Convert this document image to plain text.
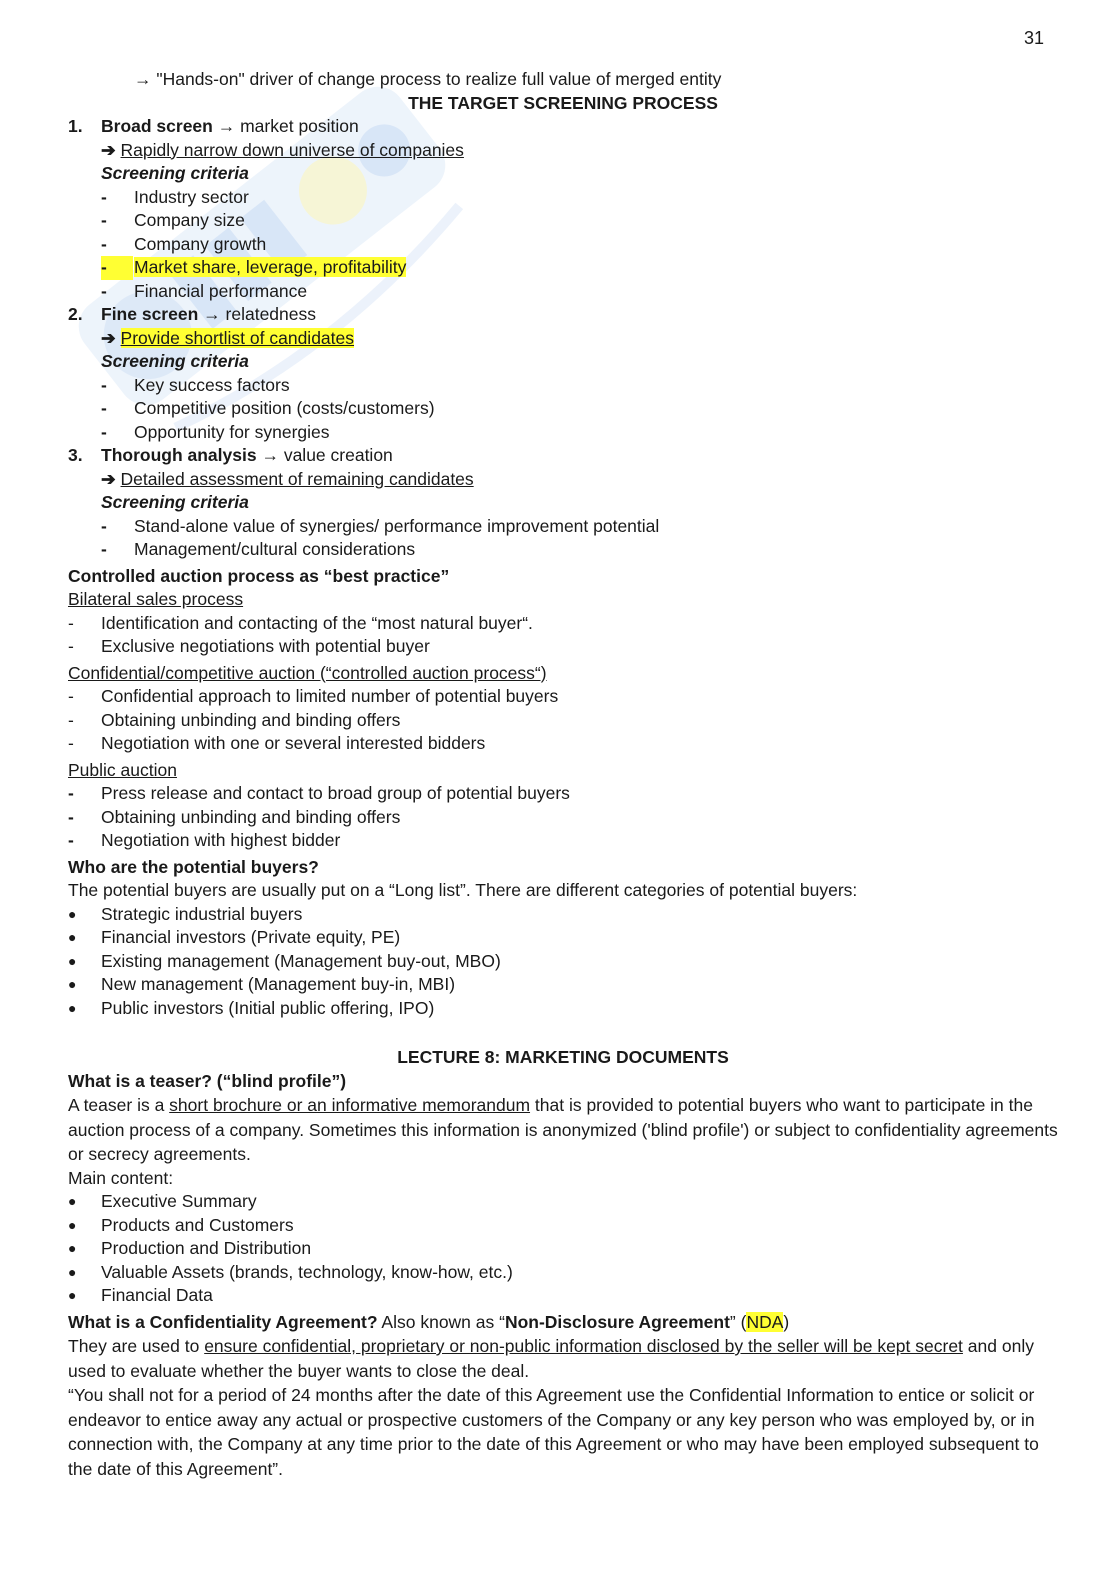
31
→ "Hands-on" driver of change process to realize full value of merged entity
THE TARGET SCREENING PROCESS
1. Broad screen → market position
➔ Rapidly narrow down universe of companies
Screening criteria
- Industry sector
- Company size
- Company growth
-	Market share, leverage, profitability
- Financial performance
2. Fine screen → relatedness
➔ Provide shortlist of candidates
Screening criteria
- Key success factors
- Competitive position (costs/customers)
- Opportunity for synergies
3. Thorough analysis → value creation
➔ Detailed assessment of remaining candidates
Screening criteria
- Stand-alone value of synergies/ performance improvement potential
- Management/cultural considerations
Controlled auction process as “best practice”
Bilateral sales process
- Identification and contacting of the “most natural buyer“.
- Exclusive negotiations with potential buyer
Confidential/competitive auction (“controlled auction process“)
- Confidential approach to limited number of potential buyers
- Obtaining unbinding and binding offers
- Negotiation with one or several interested bidders
Public auction
- Press release and contact to broad group of potential buyers
- Obtaining unbinding and binding offers
- Negotiation with highest bidder
Who are the potential buyers?
The potential buyers are usually put on a “Long list”. There are different categories of potential buyers:
● Strategic industrial buyers
● Financial investors (Private equity, PE)
● Existing management (Management buy-out, MBO)
● New management (Management buy-in, MBI)
● Public investors (Initial public offering, IPO)
LECTURE 8: MARKETING DOCUMENTS
What is a teaser? (“blind profile”)
A teaser is a short brochure or an informative memorandum that is provided to potential buyers who want to participate in the auction process of a company. Sometimes this information is anonymized ('blind profile') or subject to confidentiality agreements or secrecy agreements.
Main content:
● Executive Summary
● Products and Customers
● Production and Distribution
● Valuable Assets (brands, technology, know-how, etc.)
● Financial Data
What is a Confidentiality Agreement? Also known as “Non-Disclosure Agreement” (NDA)
They are used to ensure confidential, proprietary or non-public information disclosed by the seller will be kept secret and only used to evaluate whether the buyer wants to close the deal.
“You shall not for a period of 24 months after the date of this Agreement use the Confidential Information to entice or solicit or endeavor to entice away any actual or prospective customers of the Company or any key person who was employed by, or in connection with, the Company at any time prior to the date of this Agreement or who may have been employed subsequent to the date of this Agreement”.
